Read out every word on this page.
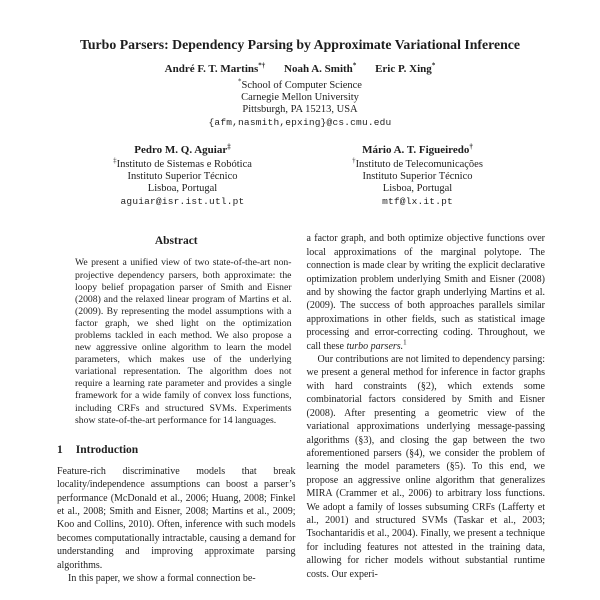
Turbo Parsers: Dependency Parsing by Approximate Variational Inference
André F. T. Martins*† Noah A. Smith* Eric P. Xing*
*School of Computer Science
Carnegie Mellon University
Pittsburgh, PA 15213, USA
{afm,nasmith,epxing}@cs.cmu.edu
Pedro M. Q. Aguiar‡
‡Instituto de Sistemas e Robótica
Instituto Superior Técnico
Lisboa, Portugal
aguiar@isr.ist.utl.pt
Mário A. T. Figueiredo†
†Instituto de Telecomunicações
Instituto Superior Técnico
Lisboa, Portugal
mtf@lx.it.pt
Abstract

We present a unified view of two state-of-the-art non-projective dependency parsers, both approximate: the loopy belief propagation parser of Smith and Eisner (2008) and the relaxed linear program of Martins et al. (2009). By representing the model assumptions with a factor graph, we shed light on the optimization problems tackled in each method. We also propose a new aggressive online algorithm to learn the model parameters, which makes use of the underlying variational representation. The algorithm does not require a learning rate parameter and provides a single framework for a wide family of convex loss functions, including CRFs and structured SVMs. Experiments show state-of-the-art performance for 14 languages.

1 Introduction

Feature-rich discriminative models that break locality/independence assumptions can boost a parser’s performance (McDonald et al., 2006; Huang, 2008; Finkel et al., 2008; Smith and Eisner, 2008; Martins et al., 2009; Koo and Collins, 2010). Often, inference with such models becomes computationally intractable, causing a demand for understanding and improving approximate parsing algorithms.

In this paper, we show a formal connection be-

a factor graph, and both optimize objective functions over local approximations of the marginal polytope. The connection is made clear by writing the explicit declarative optimization problem underlying Smith and Eisner (2008) and by showing the factor graph underlying Martins et al. (2009). The success of both approaches parallels similar approximations in other fields, such as statistical image processing and error-correcting coding. Throughout, we call these turbo parsers.$^1$

Our contributions are not limited to dependency parsing: we present a general method for inference in factor graphs with hard constraints (§2), which extends some combinatorial factors considered by Smith and Eisner (2008). After presenting a geometric view of the variational approximations underlying message-passing algorithms (§3), and closing the gap between the two aforementioned parsers (§4), we consider the problem of learning the model parameters (§5). To this end, we propose an aggressive online algorithm that generalizes MIRA (Crammer et al., 2006) to arbitrary loss functions. We adopt a family of losses subsuming CRFs (Lafferty et al., 2001) and structured SVMs (Taskar et al., 2003; Tsochantaridis et al., 2004). Finally, we present a technique for including features not attested in the training data, allowing for richer models without substantial runtime costs. Our experi-
